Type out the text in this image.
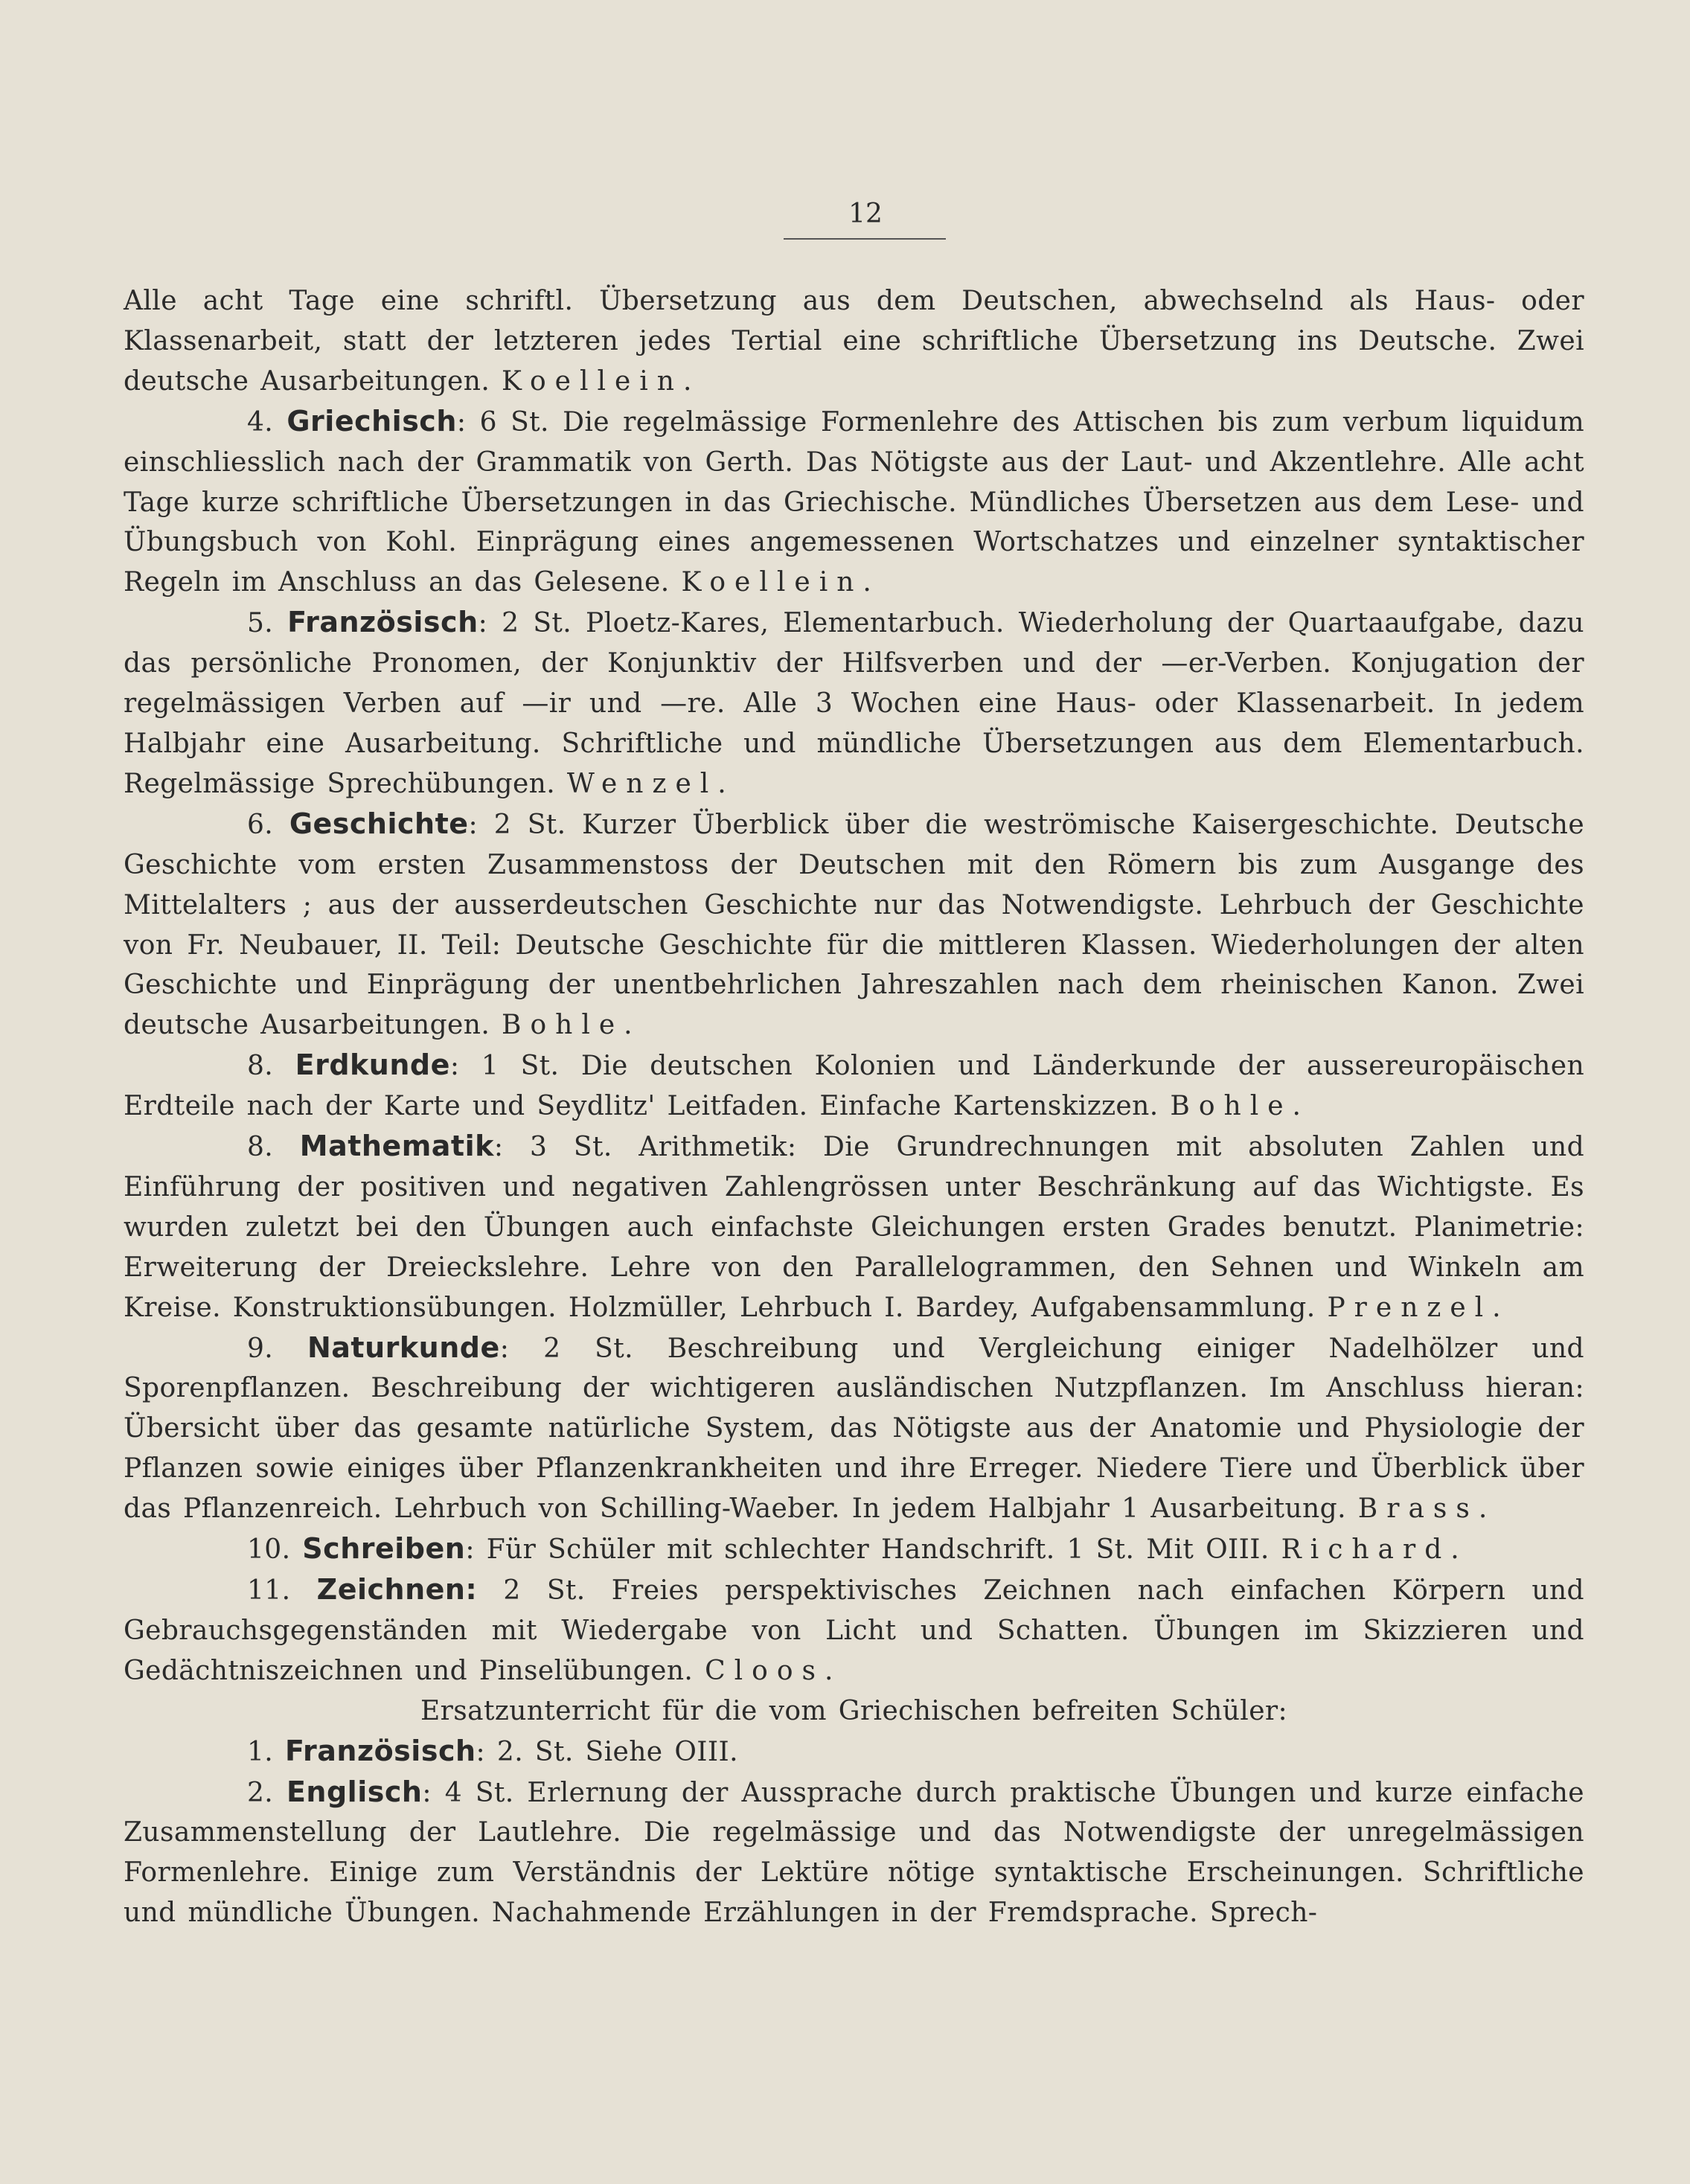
12

Alle acht Tage eine schriftl. Übersetzung aus dem Deutschen, abwechselnd als Haus- oder Klassenarbeit, statt der letzteren jedes Tertial eine schriftliche Übersetzung ins Deutsche. Zwei deutsche Ausarbeitungen. Koellein.

4. Griechisch: 6 St. Die regelmässige Formenlehre des Attischen bis zum verbum liquidum einschliesslich nach der Grammatik von Gerth. Das Nötigste aus der Laut- und Akzentlehre. Alle acht Tage kurze schriftliche Übersetzungen in das Griechische. Mündliches Übersetzen aus dem Lese- und Übungsbuch von Kohl. Einprägung eines angemessenen Wortschatzes und einzelner syntaktischer Regeln im Anschluss an das Gelesene. Koellein.

5. Französisch: 2 St. Ploetz-Kares, Elementarbuch. Wiederholung der Quartaaufgabe, dazu das persönliche Pronomen, der Konjunktiv der Hilfsverben und der —er-Verben. Konjugation der regelmässigen Verben auf —ir und —re. Alle 3 Wochen eine Haus- oder Klassenarbeit. In jedem Halbjahr eine Ausarbeitung. Schriftliche und mündliche Übersetzungen aus dem Elementarbuch. Regelmässige Sprechübungen. Wenzel.

6. Geschichte: 2 St. Kurzer Überblick über die weströmische Kaisergeschichte. Deutsche Geschichte vom ersten Zusammenstoss der Deutschen mit den Römern bis zum Ausgange des Mittelalters ; aus der ausserdeutschen Geschichte nur das Notwendigste. Lehrbuch der Geschichte von Fr. Neubauer, II. Teil: Deutsche Geschichte für die mittleren Klassen. Wiederholungen der alten Geschichte und Einprägung der unentbehrlichen Jahreszahlen nach dem rheinischen Kanon. Zwei deutsche Ausarbeitungen. Bohle.

8. Erdkunde: 1 St. Die deutschen Kolonien und Länderkunde der aussereuropäischen Erdteile nach der Karte und Seydlitz' Leitfaden. Einfache Kartenskizzen. Bohle.

8. Mathematik: 3 St. Arithmetik: Die Grundrechnungen mit absoluten Zahlen und Einführung der positiven und negativen Zahlengrössen unter Beschränkung auf das Wichtigste. Es wurden zuletzt bei den Übungen auch einfachste Gleichungen ersten Grades benutzt. Planimetrie: Erweiterung der Dreieckslehre. Lehre von den Parallelogrammen, den Sehnen und Winkeln am Kreise. Konstruktionsübungen. Holzmüller, Lehrbuch I. Bardey, Aufgabensammlung. Prenzel.

9. Naturkunde: 2 St. Beschreibung und Vergleichung einiger Nadelhölzer und Sporenpflanzen. Beschreibung der wichtigeren ausländischen Nutzpflanzen. Im Anschluss hieran: Übersicht über das gesamte natürliche System, das Nötigste aus der Anatomie und Physiologie der Pflanzen sowie einiges über Pflanzenkrankheiten und ihre Erreger. Niedere Tiere und Überblick über das Pflanzenreich. Lehrbuch von Schilling-Waeber. In jedem Halbjahr 1 Ausarbeitung. Brass.

10. Schreiben: Für Schüler mit schlechter Handschrift. 1 St. Mit OIII. Richard.

11. Zeichnen: 2 St. Freies perspektivisches Zeichnen nach einfachen Körpern und Gebrauchsgegenständen mit Wiedergabe von Licht und Schatten. Übungen im Skizzieren und Gedächtniszeichnen und Pinselübungen. Cloos.

Ersatzunterricht für die vom Griechischen befreiten Schüler:

1. Französisch: 2. St. Siehe OIII.

2. Englisch: 4 St. Erlernung der Aussprache durch praktische Übungen und kurze einfache Zusammenstellung der Lautlehre. Die regelmässige und das Notwendigste der unregelmässigen Formenlehre. Einige zum Verständnis der Lektüre nötige syntaktische Erscheinungen. Schriftliche und mündliche Übungen. Nachahmende Erzählungen in der Fremdsprache. Sprech-
